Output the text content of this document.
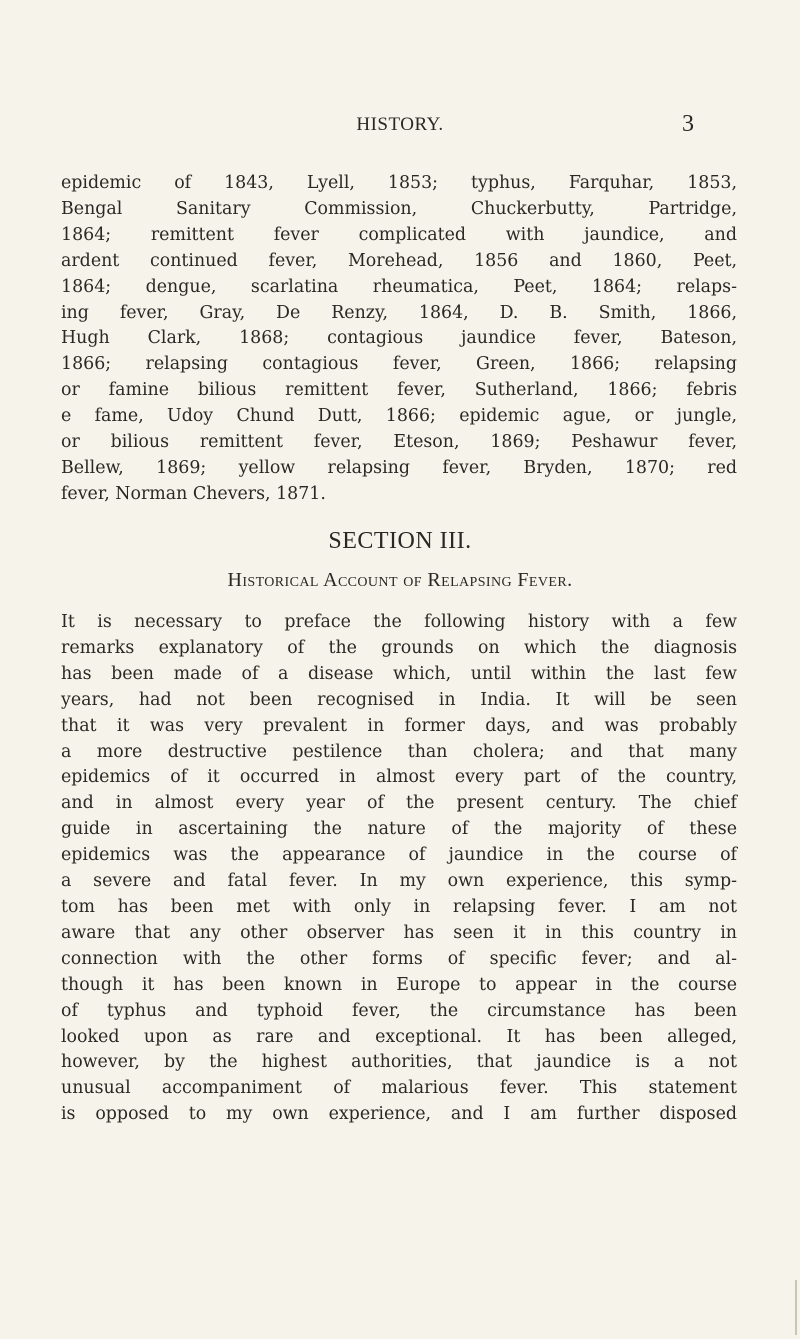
HISTORY.	3
epidemic of 1843, Lyell, 1853; typhus, Farquhar, 1853,
Bengal Sanitary Commission, Chuckerbutty, Partridge,
1864; remittent fever complicated with jaundice, and
ardent continued fever, Morehead, 1856 and 1860, Peet,
1864; dengue, scarlatina rheumatica, Peet, 1864; relaps-
ing fever, Gray, De Renzy, 1864, D. B. Smith, 1866,
Hugh Clark, 1868; contagious jaundice fever, Bateson,
1866; relapsing contagious fever, Green, 1866; relapsing
or famine bilious remittent fever, Sutherland, 1866; febris
e fame, Udoy Chund Dutt, 1866; epidemic ague, or jungle,
or bilious remittent fever, Eteson, 1869; Peshawur fever,
Bellew, 1869; yellow relapsing fever, Bryden, 1870; red
fever, Norman Chevers, 1871.
SECTION III.
Historical Account of Relapsing Fever.
It is necessary to preface the following history with a few
remarks explanatory of the grounds on which the diagnosis
has been made of a disease which, until within the last few
years, had not been recognised in India. It will be seen
that it was very prevalent in former days, and was probably
a more destructive pestilence than cholera; and that many
epidemics of it occurred in almost every part of the country,
and in almost every year of the present century. The chief
guide in ascertaining the nature of the majority of these
epidemics was the appearance of jaundice in the course of
a severe and fatal fever. In my own experience, this symp-
tom has been met with only in relapsing fever. I am not
aware that any other observer has seen it in this country in
connection with the other forms of specific fever; and al-
though it has been known in Europe to appear in the course
of typhus and typhoid fever, the circumstance has been
looked upon as rare and exceptional. It has been alleged,
however, by the highest authorities, that jaundice is a not
unusual accompaniment of malarious fever. This statement
is opposed to my own experience, and I am further disposed
